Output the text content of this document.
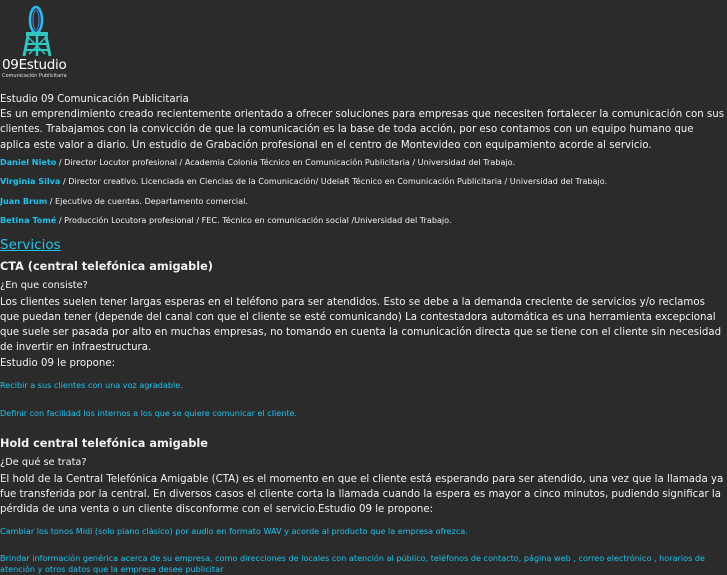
09Estudio
Comunicación Publicitaria

Estudio 09 Comunicación Publicitaria

Es un emprendimiento creado recientemente orientado a ofrecer soluciones para empresas que necesiten fortalecer la comunicación con sus clientes. Trabajamos con la convicción de que la comunicación es la base de toda acción, por eso contamos con un equipo humano que aplica este valor a diario. Un estudio de Grabación profesional en el centro de Montevideo con equipamiento acorde al servicio.

Daniel Nieto / Director Locutor profesional / Academia Colonia Técnico en Comunicación Publicitaria / Universidad del Trabajo.

Virginia Silva / Director creativo. Licenciada en Ciencias de la Comunicación/ UdelaR Técnico en Comunicación Publicitaria / Universidad del Trabajo.

Juan Brum / Ejecutivo de cuentas. Departamento comercial.

Betina Tomé / Producción Locutora profesional / FEC. Técnico en comunicación social /Universidad del Trabajo.

Servicios
CTA (central telefónica amigable)

¿En que consiste?

Los clientes suelen tener largas esperas en el teléfono para ser atendidos. Esto se debe a la demanda creciente de servicios y/o reclamos que puedan tener (depende del canal con que el cliente se esté comunicando) La contestadora automática es una herramienta excepcional que suele ser pasada por alto en muchas empresas, no tomando en cuenta la comunicación directa que se tiene con el cliente sin necesidad de invertir en infraestructura.

Estudio 09 le propone:

Recibir a sus clientes con una voz agradable.

Definir con facilidad los internos a los que se quiere comunicar el cliente.

Hold central telefónica amigable

¿De qué se trata?

El hold de la Central Telefónica Amigable (CTA) es el momento en que el cliente está esperando para ser atendido, una vez que la llamada ya fue transferida por la central. En diversos casos el cliente corta la llamada cuando la espera es mayor a cinco minutos, pudiendo significar la pérdida de una venta o un cliente disconforme con el servicio.Estudio 09 le propone:

Cambiar los tonos Midi (solo piano clásico) por audio en formato WAV y acorde al producto que la empresa ofrezca.

Brindar información genérica acerca de su empresa, como direcciones de locales con atención al público, teléfonos de contacto, página web , correo electrónico , horarios de atención y otros datos que la empresa desee publicitar
